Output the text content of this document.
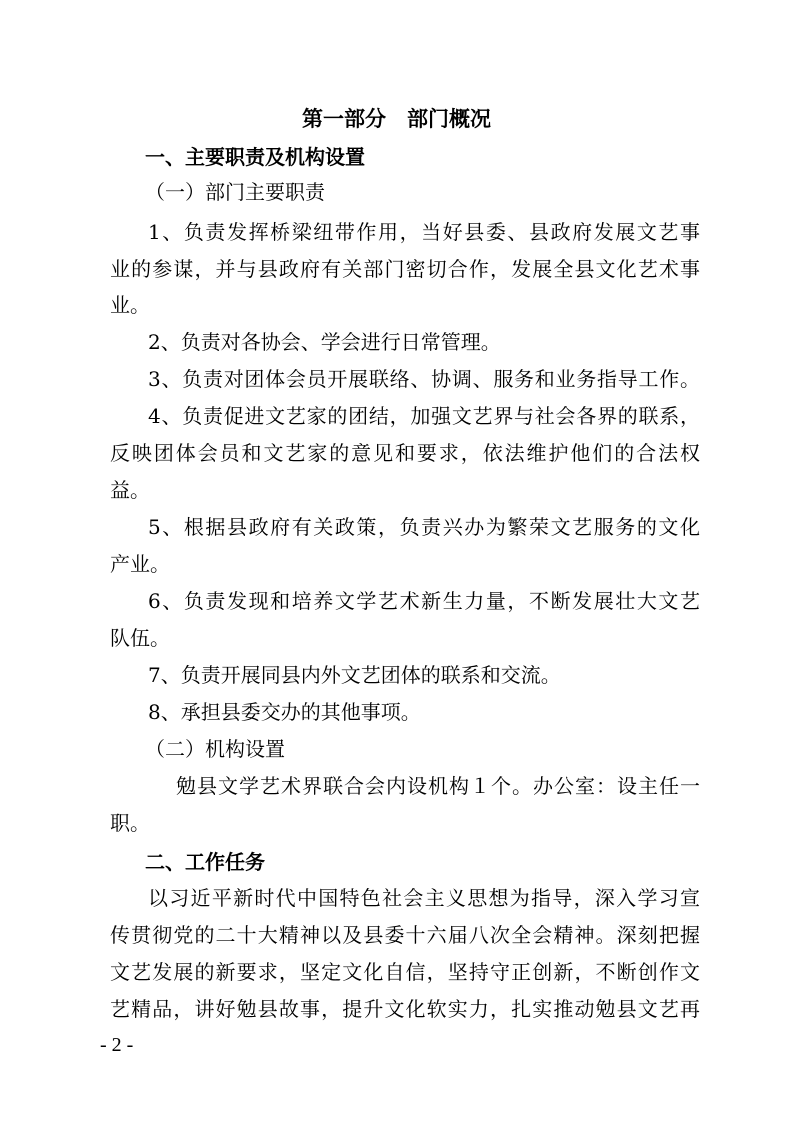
第一部分　部门概况
一、主要职责及机构设置
（一）部门主要职责
1、负责发挥桥梁纽带作用，当好县委、县政府发展文艺事
业的参谋，并与县政府有关部门密切合作，发展全县文化艺术事
业。
2、负责对各协会、学会进行日常管理。
3、负责对团体会员开展联络、协调、服务和业务指导工作。
4、负责促进文艺家的团结，加强文艺界与社会各界的联系，
反映团体会员和文艺家的意见和要求，依法维护他们的合法权
益。
5、根据县政府有关政策，负责兴办为繁荣文艺服务的文化
产业。
6、负责发现和培养文学艺术新生力量，不断发展壮大文艺
队伍。
7、负责开展同县内外文艺团体的联系和交流。
8、承担县委交办的其他事项。
（二）机构设置
勉县文学艺术界联合会内设机构１个。办公室：设主任一
职。
二、工作任务
以习近平新时代中国特色社会主义思想为指导，深入学习宣
传贯彻党的二十大精神以及县委十六届八次全会精神。深刻把握
文艺发展的新要求，坚定文化自信，坚持守正创新，不断创作文
艺精品，讲好勉县故事，提升文化软实力，扎实推动勉县文艺再
- 2 -
